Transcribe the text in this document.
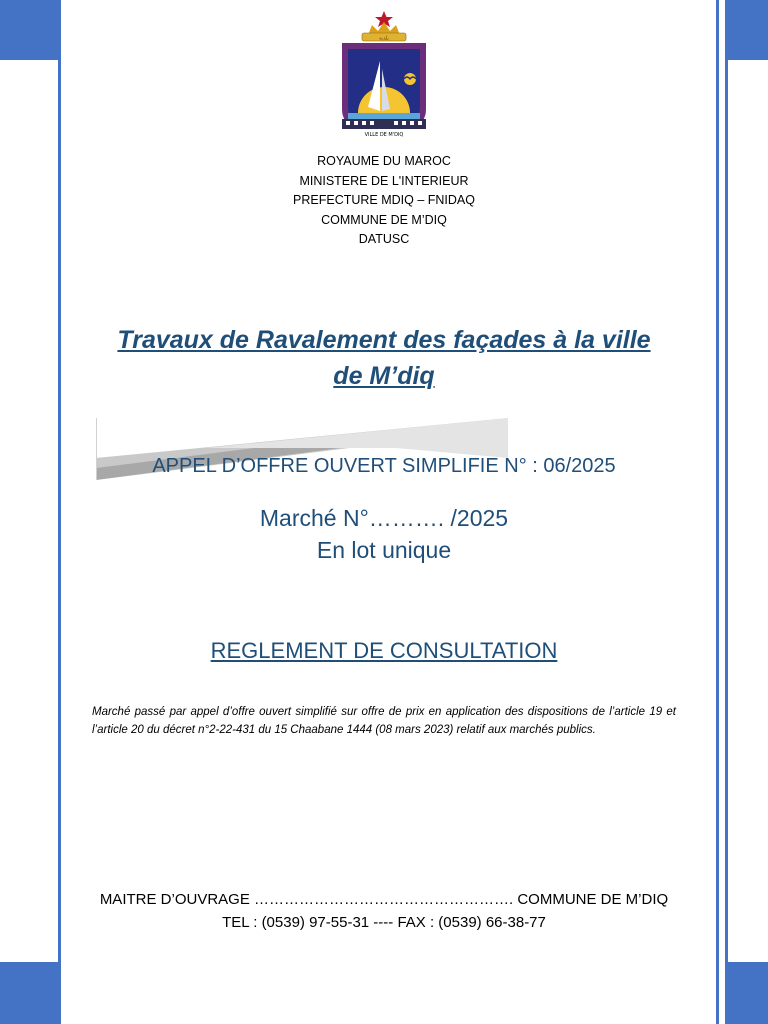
ﺑﻠﺪﻳﺔ
VILLE DE M'DIQ
ROYAUME DU MAROC
MINISTERE DE L'INTERIEUR
PREFECTURE MDIQ – FNIDAQ
COMMUNE DE M’DIQ
DATUSC
Travaux de Ravalement des façades à la ville
de M’diq
APPEL D’OFFRE OUVERT SIMPLIFIE N° : 06/2025
Marché N°………. /2025
En lot unique
REGLEMENT DE CONSULTATION
Marché passé par appel d’offre ouvert simplifié sur offre de prix en application des dispositions de l’article 19 et l’article 20 du décret n°2-22-431 du 15 Chaabane 1444 (08 mars 2023) relatif aux marchés publics.
MAITRE D’OUVRAGE ……………………………………………. COMMUNE DE M’DIQ
TEL : (0539) 97-55-31 ---- FAX : (0539) 66-38-77
